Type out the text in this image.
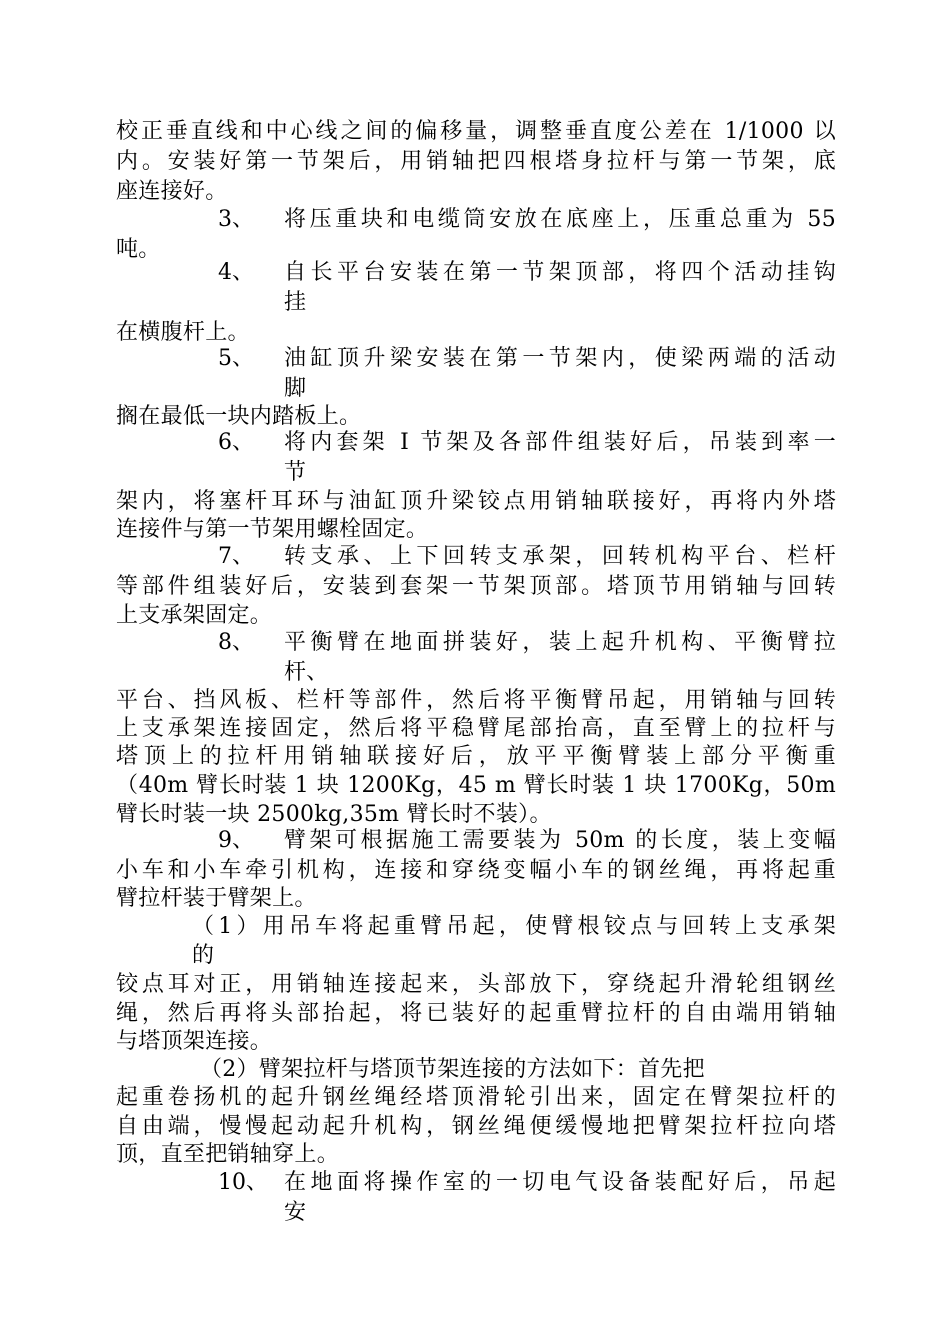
校正垂直线和中心线之间的偏移量，调整垂直度公差在 1/1000 以
内。安装好第一节架后，用销轴把四根塔身拉杆与第一节架，底
座连接好。
3、 将压重块和电缆筒安放在底座上，压重总重为 55
吨。
4、 自长平台安装在第一节架顶部，将四个活动挂钩
挂
在横腹杆上。
5、 油缸顶升梁安装在第一节架内，使梁两端的活动
脚
搁在最低一块内踏板上。
6、 将内套架 I 节架及各部件组装好后，吊装到率一
节
架内，将塞杆耳环与油缸顶升梁铰点用销轴联接好，再将内外塔
连接件与第一节架用螺栓固定。
7、 转支承、上下回转支承架，回转机构平台、栏杆
等部件组装好后，安装到套架一节架顶部。塔顶节用销轴与回转
上支承架固定。
8、 平衡臂在地面拼装好，装上起升机构、平衡臂拉
杆、
平台、挡风板、栏杆等部件，然后将平衡臂吊起，用销轴与回转
上支承架连接固定，然后将平稳臂尾部抬高，直至臂上的拉杆与
塔顶上的拉杆用销轴联接好后，放平平衡臂装上部分平衡重
（40m 臂长时装 1 块 1200Kg，45 m 臂长时装 1 块 1700Kg，50m
臂长时装一块 2500kg,35m 臂长时不装）。
9、 臂架可根据施工需要装为 50m 的长度，装上变幅
小车和小车牵引机构，连接和穿绕变幅小车的钢丝绳，再将起重
臂拉杆装于臂架上。
（1）用吊车将起重臂吊起，使臂根铰点与回转上支承架
的
铰点耳对正，用销轴连接起来，头部放下，穿绕起升滑轮组钢丝
绳，然后再将头部抬起，将已装好的起重臂拉杆的自由端用销轴
与塔顶架连接。
（2）臂架拉杆与塔顶节架连接的方法如下：首先把
起重卷扬机的起升钢丝绳经塔顶滑轮引出来，固定在臂架拉杆的
自由端，慢慢起动起升机构，钢丝绳便缓慢地把臂架拉杆拉向塔
顶，直至把销轴穿上。
10、 在地面将操作室的一切电气设备装配好后，吊起
安
